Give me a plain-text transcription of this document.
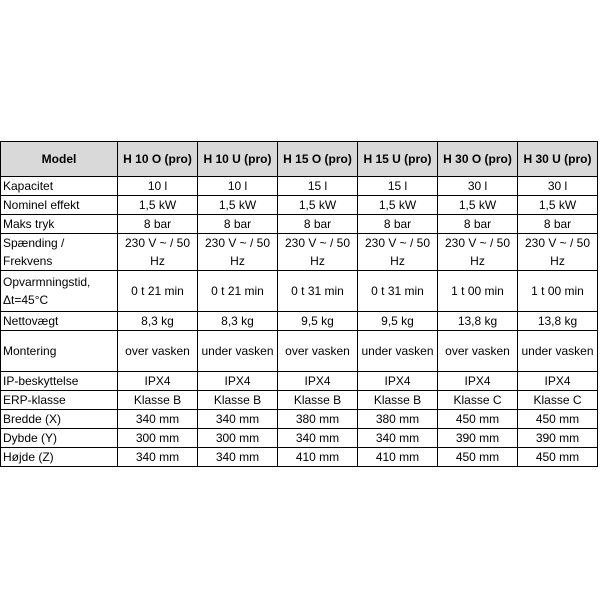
Model	H 10 O (pro)	H 10 U (pro)	H 15 O (pro)	H 15 U (pro)	H 30 O (pro)	H 30 U (pro)
Kapacitet	10 l	10 l	15 l	15 l	30 l	30 l
Nominel effekt	1,5 kW	1,5 kW	1,5 kW	1,5 kW	1,5 kW	1,5 kW
Maks tryk	8 bar	8 bar	8 bar	8 bar	8 bar	8 bar
Spænding / Frekvens	230 V ~ / 50 Hz	230 V ~ / 50 Hz	230 V ~ / 50 Hz	230 V ~ / 50 Hz	230 V ~ / 50 Hz	230 V ~ / 50 Hz
Opvarmningstid, Δt=45°C	0 t 21 min	0 t 21 min	0 t 31 min	0 t 31 min	1 t 00 min	1 t 00 min
Nettovægt	8,3 kg	8,3 kg	9,5 kg	9,5 kg	13,8 kg	13,8 kg
Montering	over vasken	under vasken	over vasken	under vasken	over vasken	under vasken
IP-beskyttelse	IPX4	IPX4	IPX4	IPX4	IPX4	IPX4
ERP-klasse	Klasse B	Klasse B	Klasse B	Klasse B	Klasse C	Klasse C
Bredde (X)	340 mm	340 mm	380 mm	380 mm	450 mm	450 mm
Dybde (Y)	300 mm	300 mm	340 mm	340 mm	390 mm	390 mm
Højde (Z)	340 mm	340 mm	410 mm	410 mm	450 mm	450 mm
